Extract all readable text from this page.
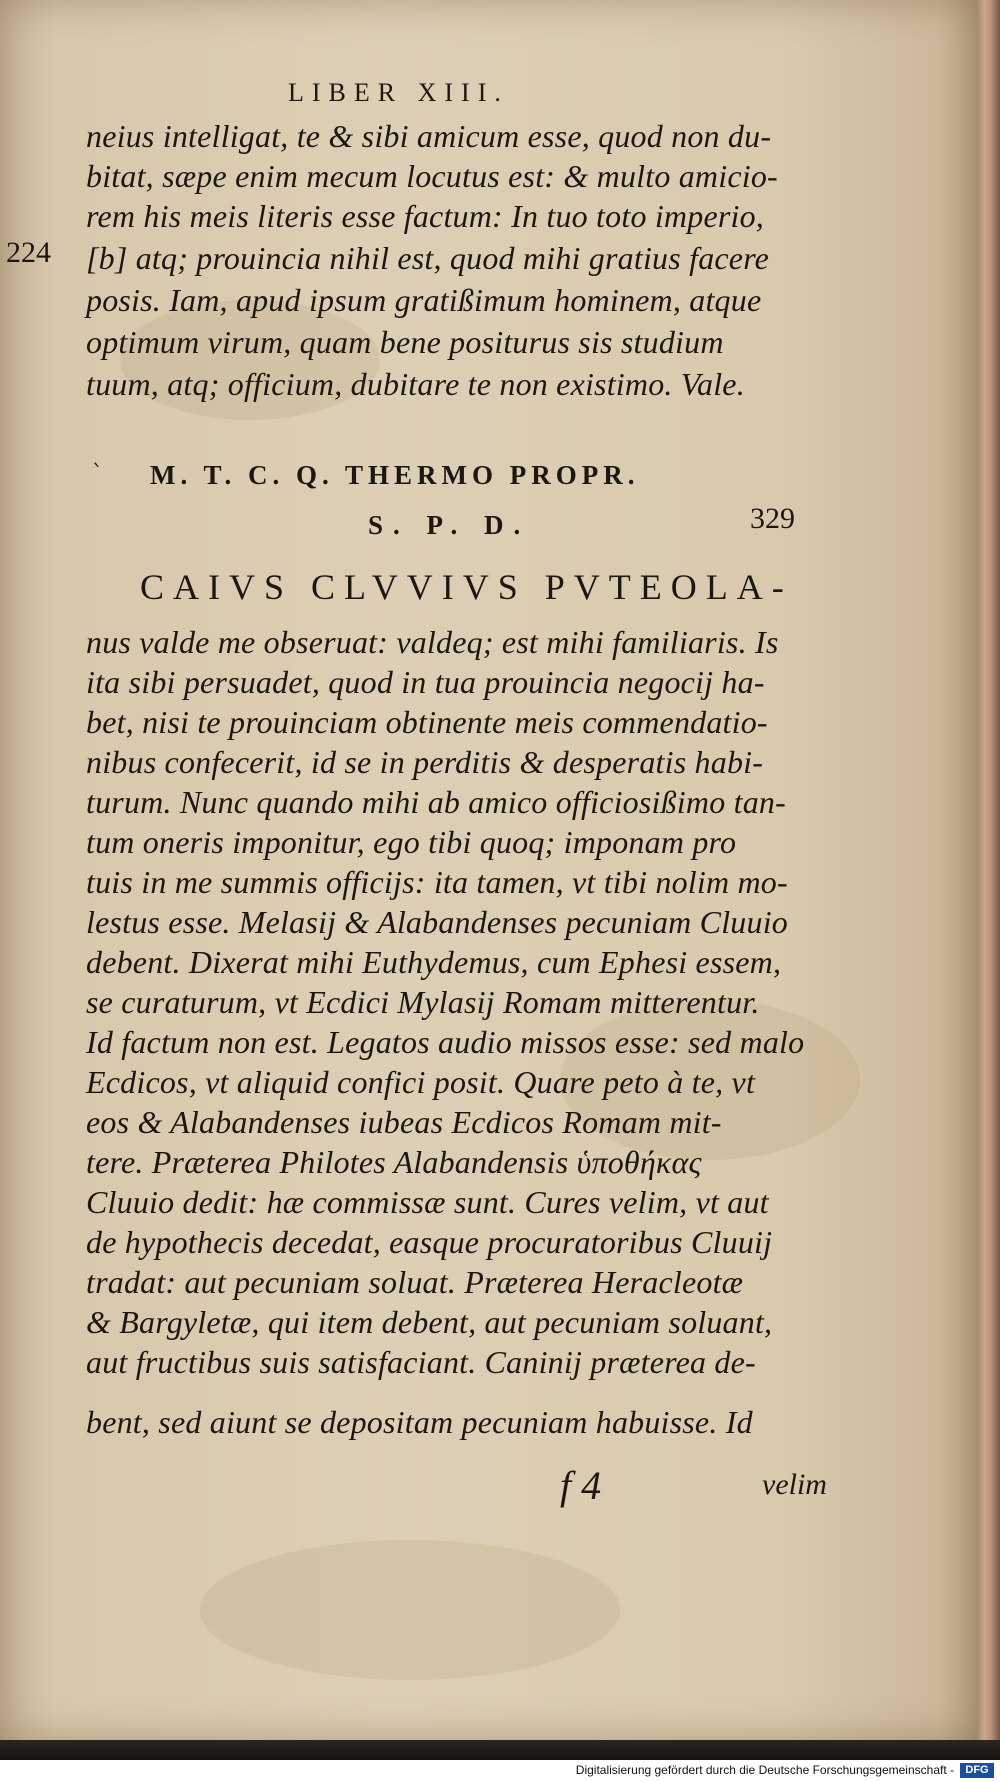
LIBER XIII.
224
neius intelligat, te & sibi amicum esse, quod non du-
bitat, sæpe enim mecum locutus est: & multo amicio-
rem his meis literis esse factum: In tuo toto imperio,
[b] atq; prouincia nihil est, quod mihi gratius facere
posis. Iam, apud ipsum gratißimum hominem, atque
optimum virum, quam bene positurus sis studium
tuum, atq; officium, dubitare te non existimo. Vale.
` M. T. C. Q. THERMO PROPR.
S. P. D.	329
CAIVS CLVVIVS PVTEOLA-
nus valde me obseruat: valdeq; est mihi familiaris. Is
ita sibi persuadet, quod in tua prouincia negocij ha-
bet, nisi te prouinciam obtinente meis commendatio-
nibus confecerit, id se in perditis & desperatis habi-
turum. Nunc quando mihi ab amico officiosißimo tan-
tum oneris imponitur, ego tibi quoq; imponam pro
tuis in me summis officijs: ita tamen, vt tibi nolim mo-
lestus esse. Melasij & Alabandenses pecuniam Cluuio
debent. Dixerat mihi Euthydemus, cum Ephesi essem,
se curaturum, vt Ecdici Mylasij Romam mitterentur.
Id factum non est. Legatos audio missos esse: sed malo
Ecdicos, vt aliquid confici posit. Quare peto à te, vt
eos & Alabandenses iubeas Ecdicos Romam mit-
tere. Præterea Philotes Alabandensis ὑποθήκας
Cluuio dedit: hæ commissæ sunt. Cures velim, vt aut
de hypothecis decedat, easque procuratoribus Cluuij
tradat: aut pecuniam soluat. Præterea Heracleotæ
& Bargyletæ, qui item debent, aut pecuniam soluant,
aut fructibus suis satisfaciant. Caninij præterea de-
bent, sed aiunt se depositam pecuniam habuisse. Id
f 4	velim
Digitalisierung gefördert durch die Deutsche Forschungsgemeinschaft -	DFG
